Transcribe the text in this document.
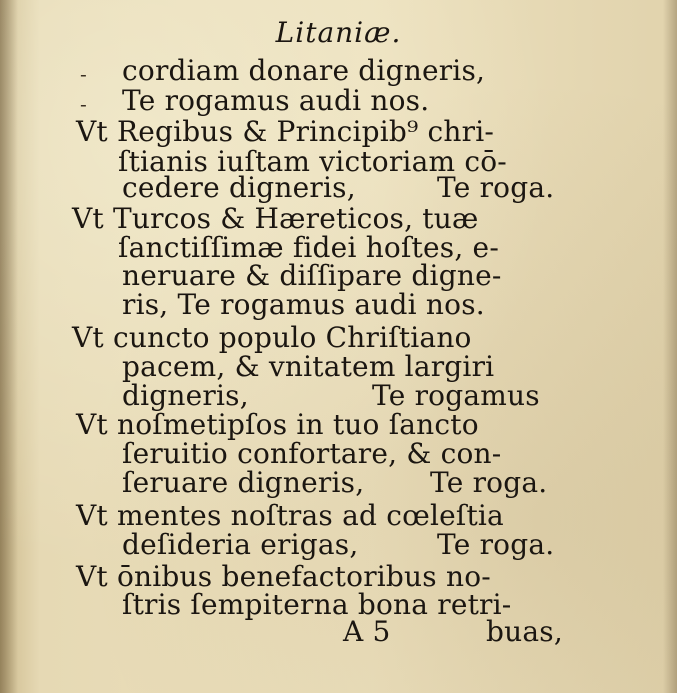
Litaniæ.
-
-
cordiam donare digneris,
Te rogamus audi nos.
Vt Regibus & Principib⁹ chri-
ſtianis iuſtam victoriam cō-
cedere digneris,	Te roga.
Vt Turcos & Hæreticos, tuæ
ſanctiſſimæ fidei hoſtes, e-
neruare & diſſipare digne-
ris, Te rogamus audi nos.
Vt cuncto populo Chriſtiano
pacem, & vnitatem largiri
digneris,	Te rogamus
Vt noſmetipſos in tuo ſancto
ſeruitio confortare, & con-
ſeruare digneris, Te roga.
Vt mentes noſtras ad cœleſtia
deſideria erigas,	Te roga.
Vt ōnibus benefactoribus no-
ſtris ſempiterna bona retri-
A 5	buas,
